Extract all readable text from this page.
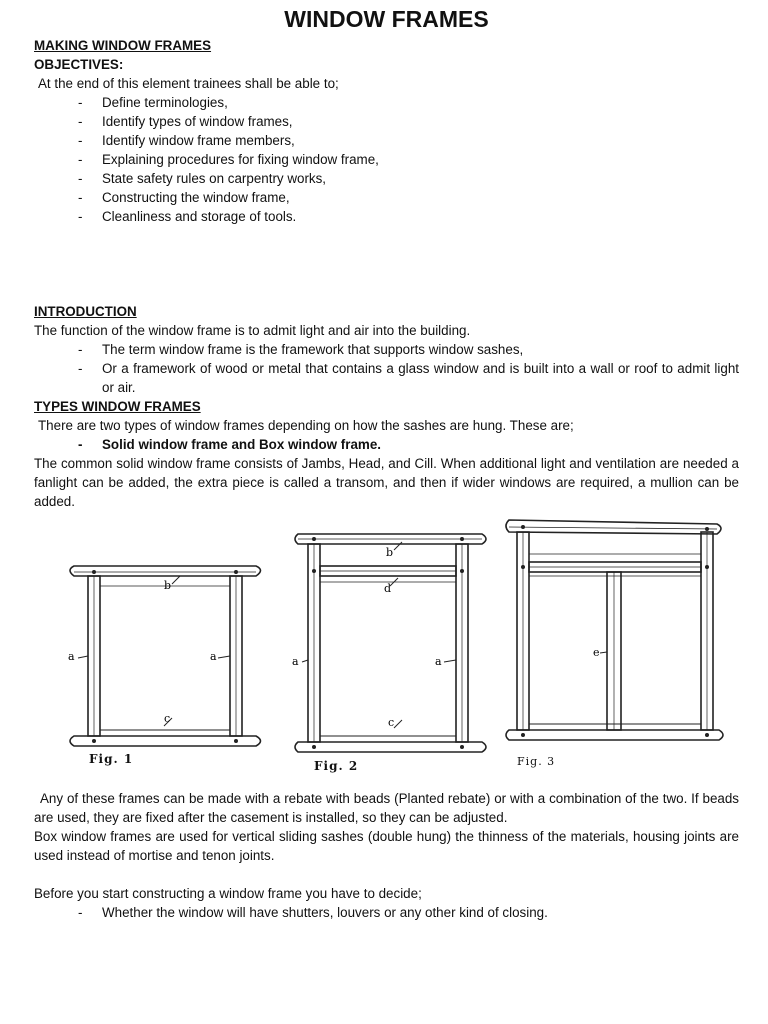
WINDOW FRAMES
MAKING WINDOW FRAMES
OBJECTIVES:
At the end of this element trainees shall be able to;
- Define terminologies,
- Identify types of window frames,
- Identify window frame members,
- Explaining procedures for fixing window frame,
- State safety rules on carpentry works,
- Constructing the window frame,
- Cleanliness and storage of tools.
INTRODUCTION
The function of the window frame is to admit light and air into the building.
- The term window frame is the framework that supports window sashes,
- Or a framework of wood or metal that contains a glass window and is built into a wall or roof to admit light or air.
TYPES WINDOW FRAMES
There are two types of window frames depending on how the sashes are hung. These are;
- Solid window frame and Box window frame.
The common solid window frame consists of Jambs, Head, and Cill. When additional light and ventilation are needed a fanlight can be added, the extra piece is called a transom, and then if wider windows are required, a mullion can be added.
a	a
b
c
Fig. 1
a	a
b
d
c
Fig. 2
e
Fig. 3
Any of these frames can be made with a rebate with beads (Planted rebate) or with a combination of the two. If beads are used, they are fixed after the casement is installed, so they can be adjusted.
Box window frames are used for vertical sliding sashes (double hung) the thinness of the materials, housing joints are used instead of mortise and tenon joints.
Before you start constructing a window frame you have to decide;
- Whether the window will have shutters, louvers or any other kind of closing.
